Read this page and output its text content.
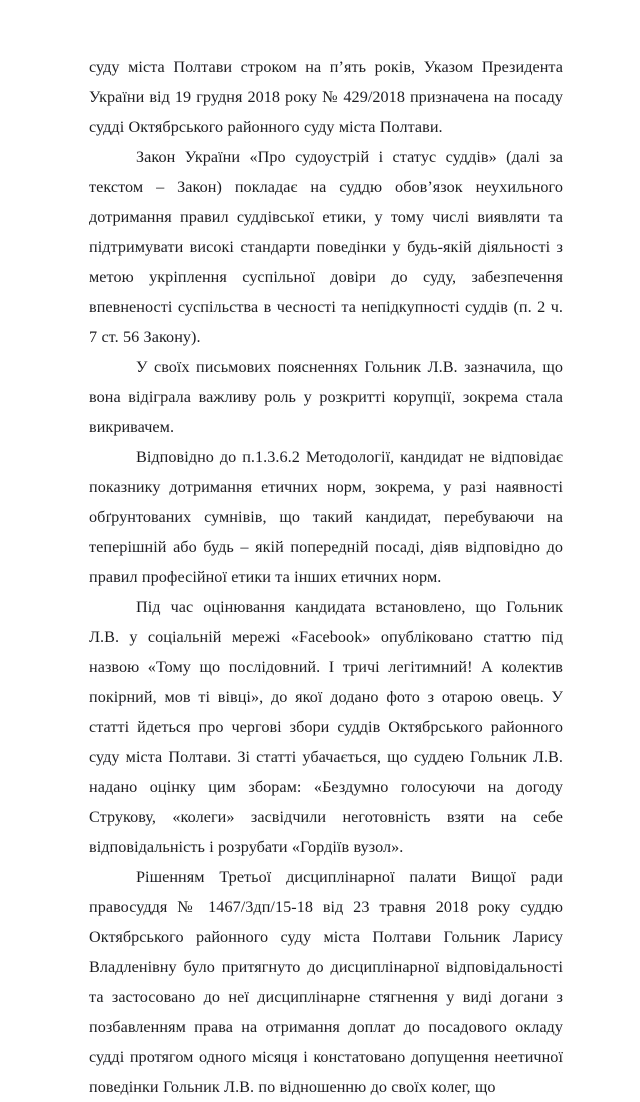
суду міста Полтави строком на п’ять років, Указом Президента України від 19 грудня 2018 року № 429/2018 призначена на посаду судді Октябрського районного суду міста Полтави.

Закон України «Про судоустрій і статус суддів» (далі за текстом – Закон) покладає на суддю обов’язок неухильного дотримання правил суддівської етики, у тому числі виявляти та підтримувати високі стандарти поведінки у будь-якій діяльності з метою укріплення суспільної довіри до суду, забезпечення впевненості суспільства в чесності та непідкупності суддів (п. 2 ч. 7 ст. 56 Закону).

У своїх письмових поясненнях Гольник Л.В. зазначила, що вона відіграла важливу роль у розкритті корупції, зокрема стала викривачем.

Відповідно до п.1.3.6.2 Методології, кандидат не відповідає показнику дотримання етичних норм, зокрема, у разі наявності обґрунтованих сумнівів, що такий кандидат, перебуваючи на теперішній або будь – якій попередній посаді, діяв відповідно до правил професійної етики та інших етичних норм.

Під час оцінювання кандидата встановлено, що Гольник Л.В. у соціальній мережі «Facebook» опубліковано статтю під назвою «Тому що послідовний. І тричі легітимний! А колектив покірний, мов ті вівці», до якої додано фото з отарою овець. У статті йдеться про чергові збори суддів Октябрського районного суду міста Полтави. Зі статті убачається, що суддею Гольник Л.В. надано оцінку цим зборам: «Бездумно голосуючи на догоду Струкову, «колеги» засвідчили неготовність взяти на себе відповідальність і розрубати «Гордіїв вузол».

Рішенням Третьої дисциплінарної палати Вищої ради правосуддя № 1467/3дп/15-18 від 23 травня 2018 року суддю Октябрського районного суду міста Полтави Гольник Ларису Владленівну було притягнуто до дисциплінарної відповідальності та застосовано до неї дисциплінарне стягнення у виді догани з позбавленням права на отримання доплат до посадового окладу судді протягом одного місяця і констатовано допущення неетичної поведінки Гольник Л.В. по відношенню до своїх колег, що
